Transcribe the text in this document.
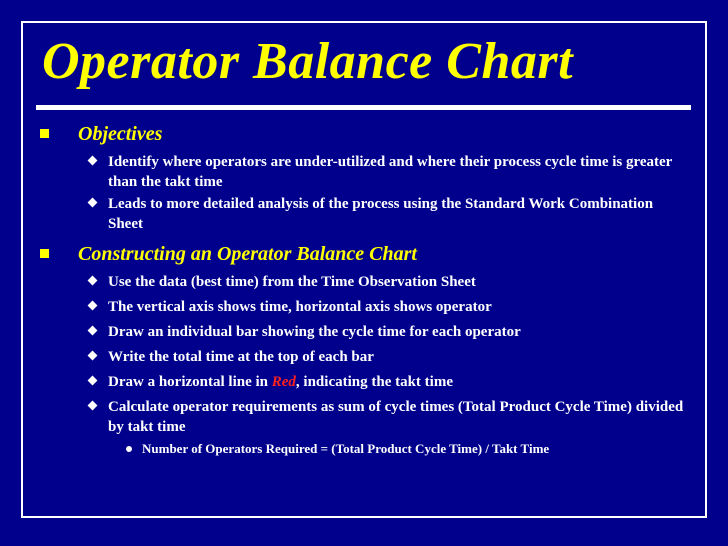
Operator Balance Chart
Objectives
Identify where operators are under-utilized and where their process cycle time is greater than the takt time
Leads to more detailed analysis of the process using the Standard Work Combination Sheet
Constructing an Operator Balance Chart
Use the data (best time) from the Time Observation Sheet
The vertical axis shows time, horizontal axis shows operator
Draw an individual bar showing the cycle time for each operator
Write the total time at the top of each bar
Draw a horizontal line in Red, indicating the takt time
Calculate operator requirements as sum of cycle times (Total Product Cycle Time) divided by takt time
Number of Operators Required = (Total Product Cycle Time) / Takt Time
